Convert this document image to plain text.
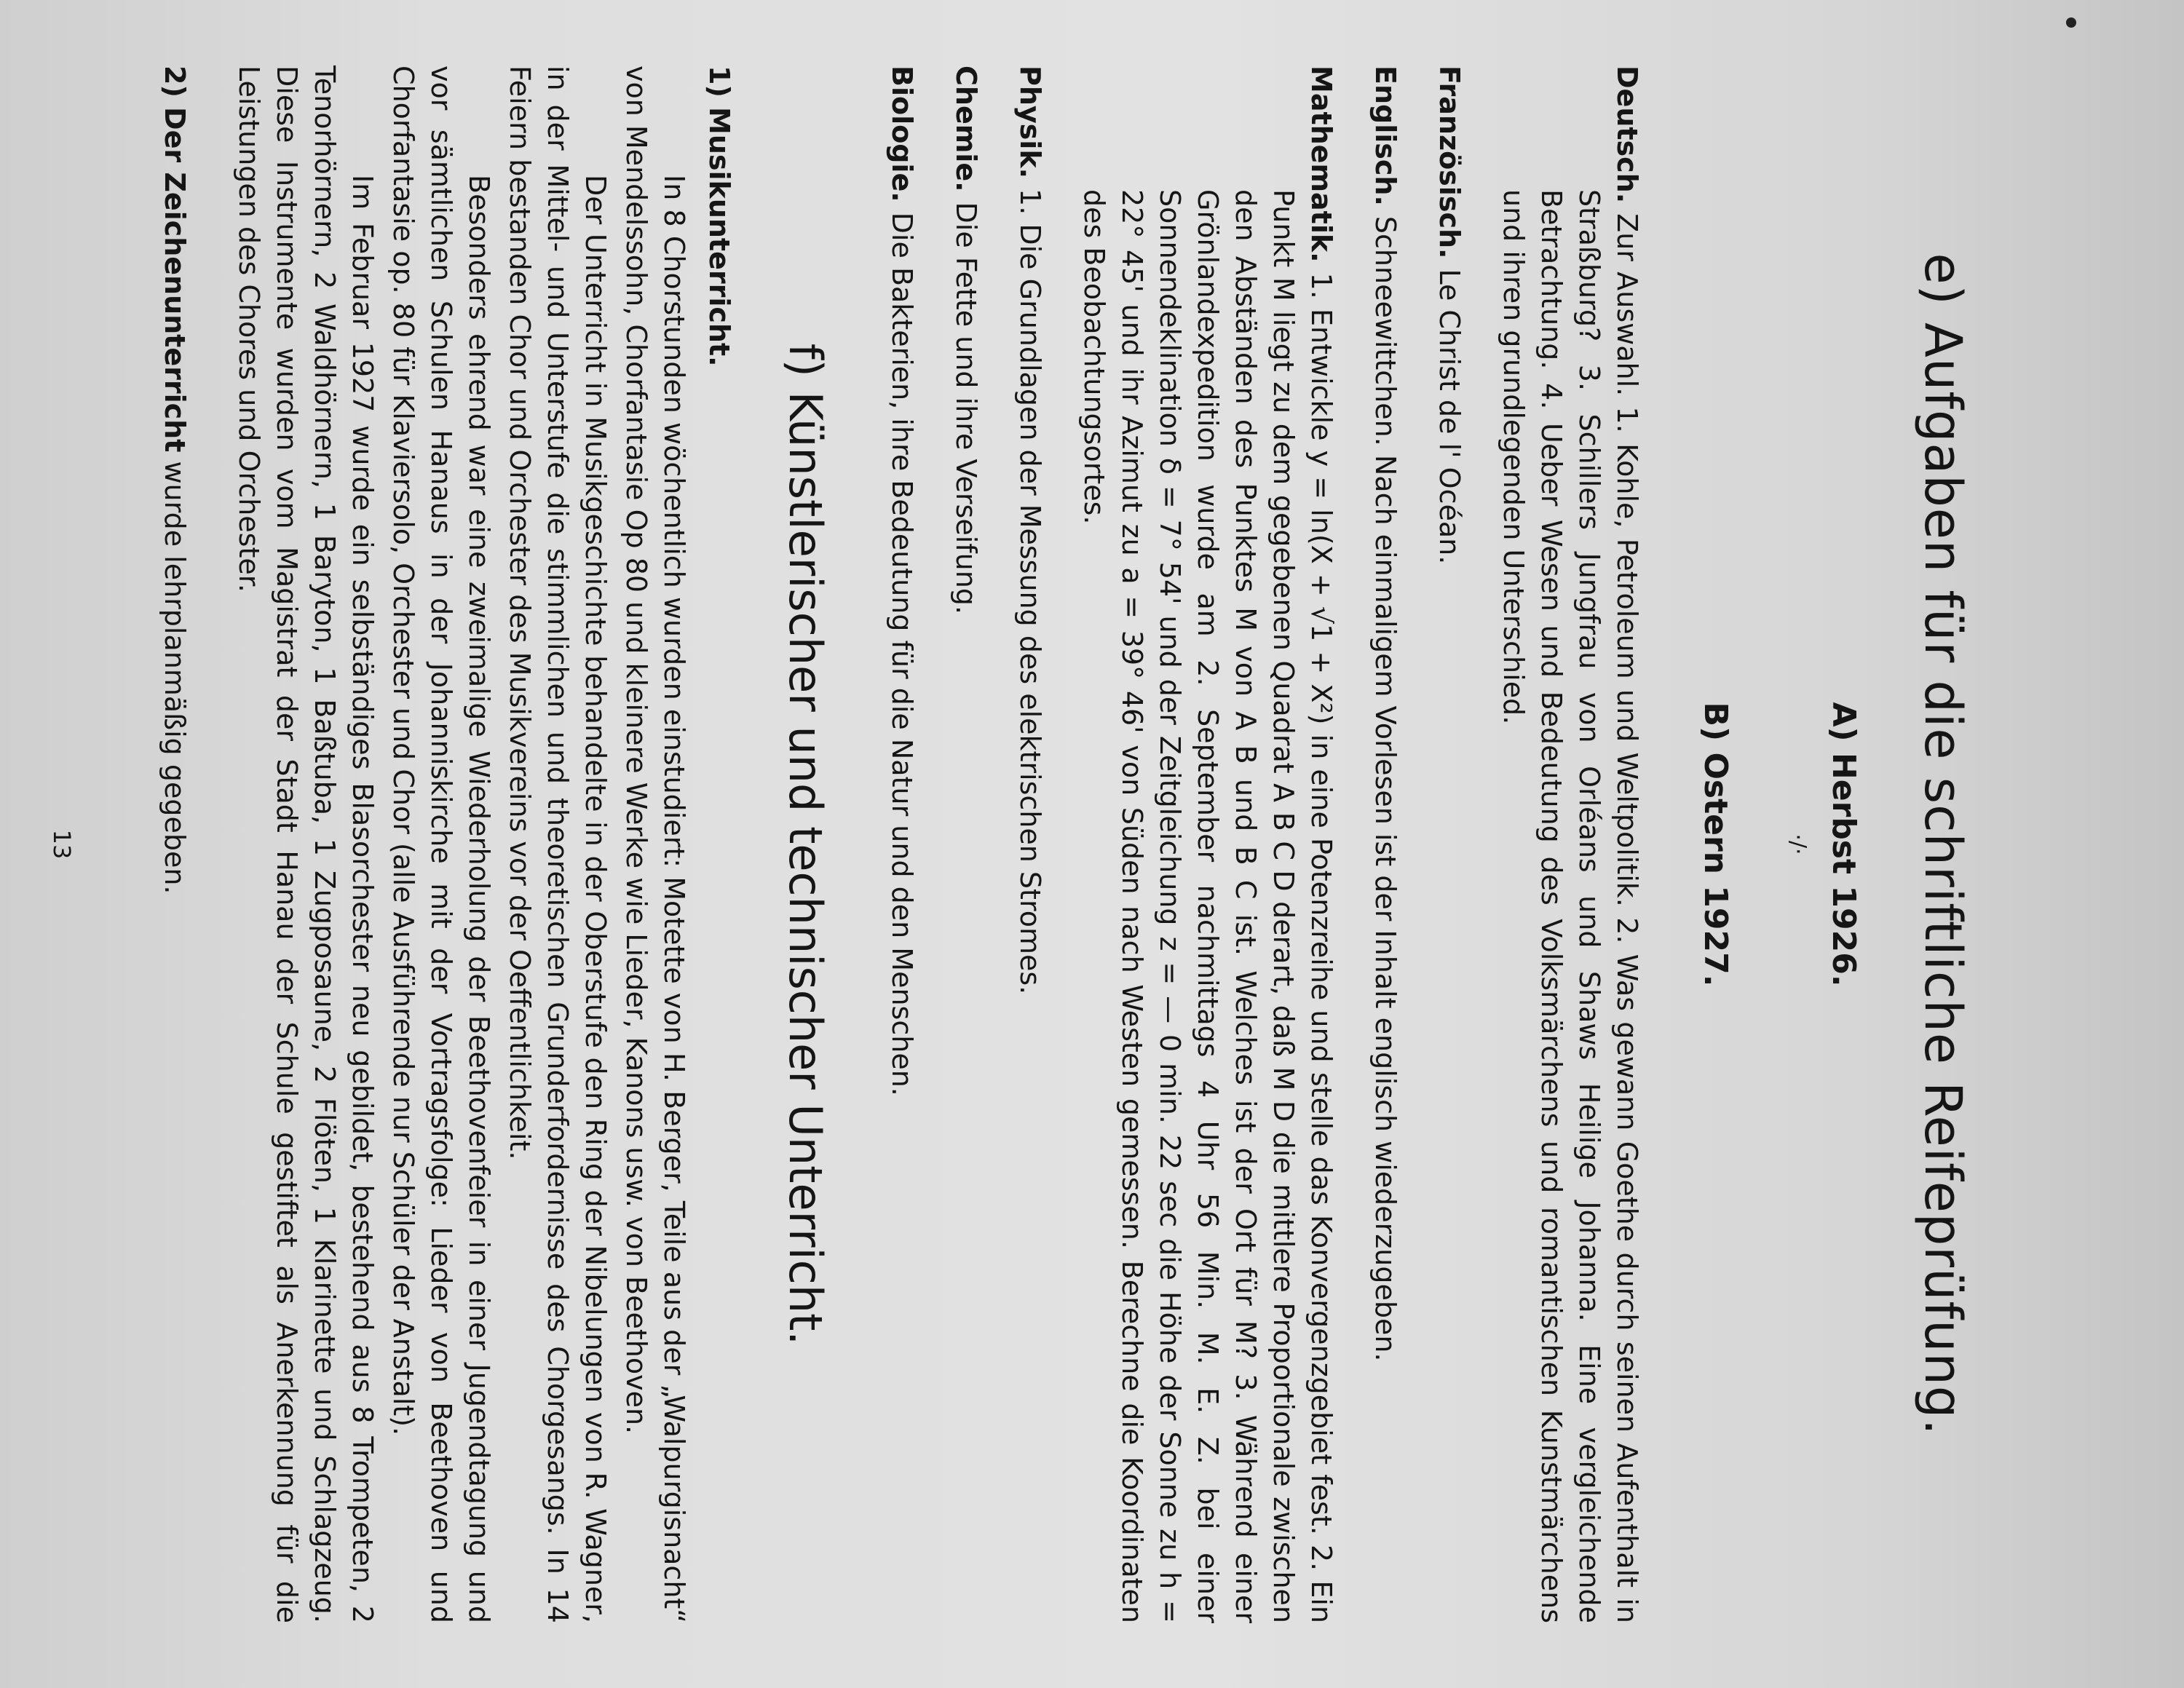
e) Aufgaben für die schriftliche Reifeprüfung.
A) Herbst 1926.
·/·
B) Ostern 1927.
Deutsch.Zur Auswahl. 1. Kohle, Petroleum und Weltpolitik. 2. Was gewann Goethe durch seinen Aufenthalt in Straßburg? 3. Schillers Jungfrau von Orléans und Shaws Heilige Johanna. Eine vergleichende Betrachtung. 4. Ueber Wesen und Bedeutung des Volksmärchens und romantischen Kunstmärchens und ihren grundlegenden Unterschied.
Französisch.Le Christ de l' Océan.
Englisch.Schneewittchen. Nach einmaligem Vorlesen ist der Inhalt englisch wiederzugeben.
Mathematik.1. Entwickle y = ln(X + √1 + X²) in eine Potenzreihe und stelle das Konvergenzgebiet fest. 2. Ein Punkt M liegt zu dem gegebenen Quadrat A B C D derart, daß M D die mittlere Proportionale zwischen den Abständen des Punktes M von A B und B C ist. Welches ist der Ort für M? 3. Während einer Grönlandexpedition wurde am 2. September nachmittags 4 Uhr 56 Min. M. E. Z. bei einer Sonnendeklination δ = 7° 54' und der Zeitgleichung z = — 0 min. 22 sec die Höhe der Sonne zu h = 22° 45' und ihr Azimut zu a = 39° 46' von Süden nach Westen gemessen. Berechne die Koordinaten des Beobachtungsortes.
Physik.1. Die Grundlagen der Messung des elektrischen Stromes.
Chemie.Die Fette und ihre Verseifung.
Biologie.Die Bakterien, ihre Bedeutung für die Natur und den Menschen.
f) Künstlerischer und technischer Unterricht.
1) Musikunterricht.

In 8 Chorstunden wöchentlich wurden einstudiert: Motette von H. Berger, Teile aus der „Walpurgisnacht“ von Mendelssohn, Chorfantasie Op 80 und kleinere Werke wie Lieder, Kanons usw. von Beethoven.

Der Unterricht in Musikgeschichte behandelte in der Oberstufe den Ring der Nibelungen von R. Wagner, in der Mittel- und Unterstufe die stimmlichen und theoretischen Grunderfordernisse des Chorgesangs. In 14 Feiern bestanden Chor und Orchester des Musikvereins vor der Oeffentlichkeit.

Besonders ehrend war eine zweimalige Wiederholung der Beethovenfeier in einer Jugendtagung und vor sämtlichen Schulen Hanaus in der Johanniskirche mit der Vortragsfolge: Lieder von Beethoven und Chorfantasie op. 80 für Klaviersolo, Orchester und Chor (alle Ausführende nur Schüler der Anstalt).

Im Februar 1927 wurde ein selbständiges Blasorchester neu gebildet, bestehend aus 8 Trompeten, 2 Tenorhörnern, 2 Waldhörnern, 1 Baryton, 1 Baßtuba, 1 Zugposaune, 2 Flöten, 1 Klarinette und Schlagzeug. Diese Instrumente wurden vom Magistrat der Stadt Hanau der Schule gestiftet als Anerkennung für die Leistungen des Chores und Orchester.

2) Der Zeichenunterricht wurde lehrplanmäßig gegeben.
13
